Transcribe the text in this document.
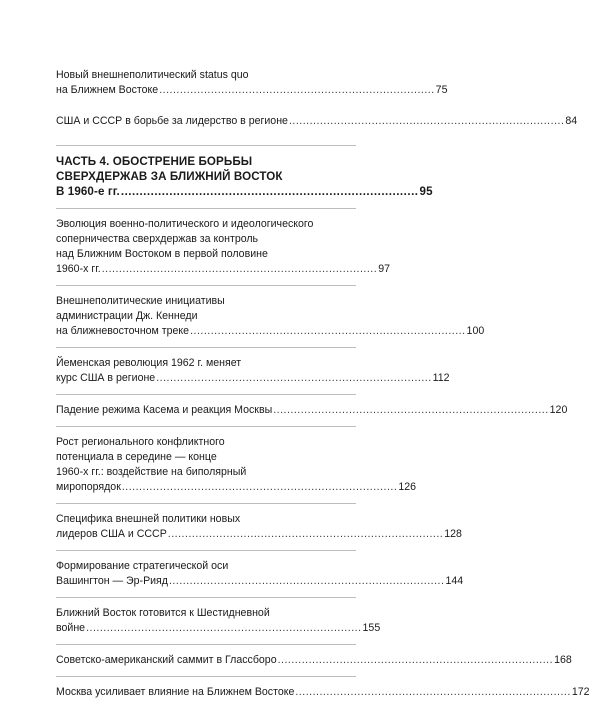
Новый внешнеполитический status quo
на Ближнем Востоке ................................................................................ 75
США и СССР в борьбе за лидерство в регионе ................................................................................ 84
ЧАСТЬ 4. ОБОСТРЕНИЕ БОРЬБЫ
СВЕРХДЕРЖАВ ЗА БЛИЖНИЙ ВОСТОК
В 1960-е гг. ................................................................................ 95
Эволюция военно-политического и идеологического
соперничества сверхдержав за контроль
над Ближним Востоком в первой половине
1960-х гг. ................................................................................ 97
Внешнеполитические инициативы
администрации Дж. Кеннеди
на ближневосточном треке ................................................................................ 100
Йеменская революция 1962 г. меняет
курс США в регионе ................................................................................ 112
Падение режима Касема и реакция Москвы ................................................................................ 120
Рост регионального конфликтного
потенциала в середине — конце
1960-х гг.: воздействие на биполярный
миропорядок ................................................................................ 126
Специфика внешней политики новых
лидеров США и СССР ................................................................................ 128
Формирование стратегической оси
Вашингтон — Эр-Рияд ................................................................................ 144
Ближний Восток готовится к Шестидневной
войне ................................................................................ 155
Советско-американский саммит в Глассборо ................................................................................ 168
Москва усиливает влияние на Ближнем Востоке ................................................................................ 172
